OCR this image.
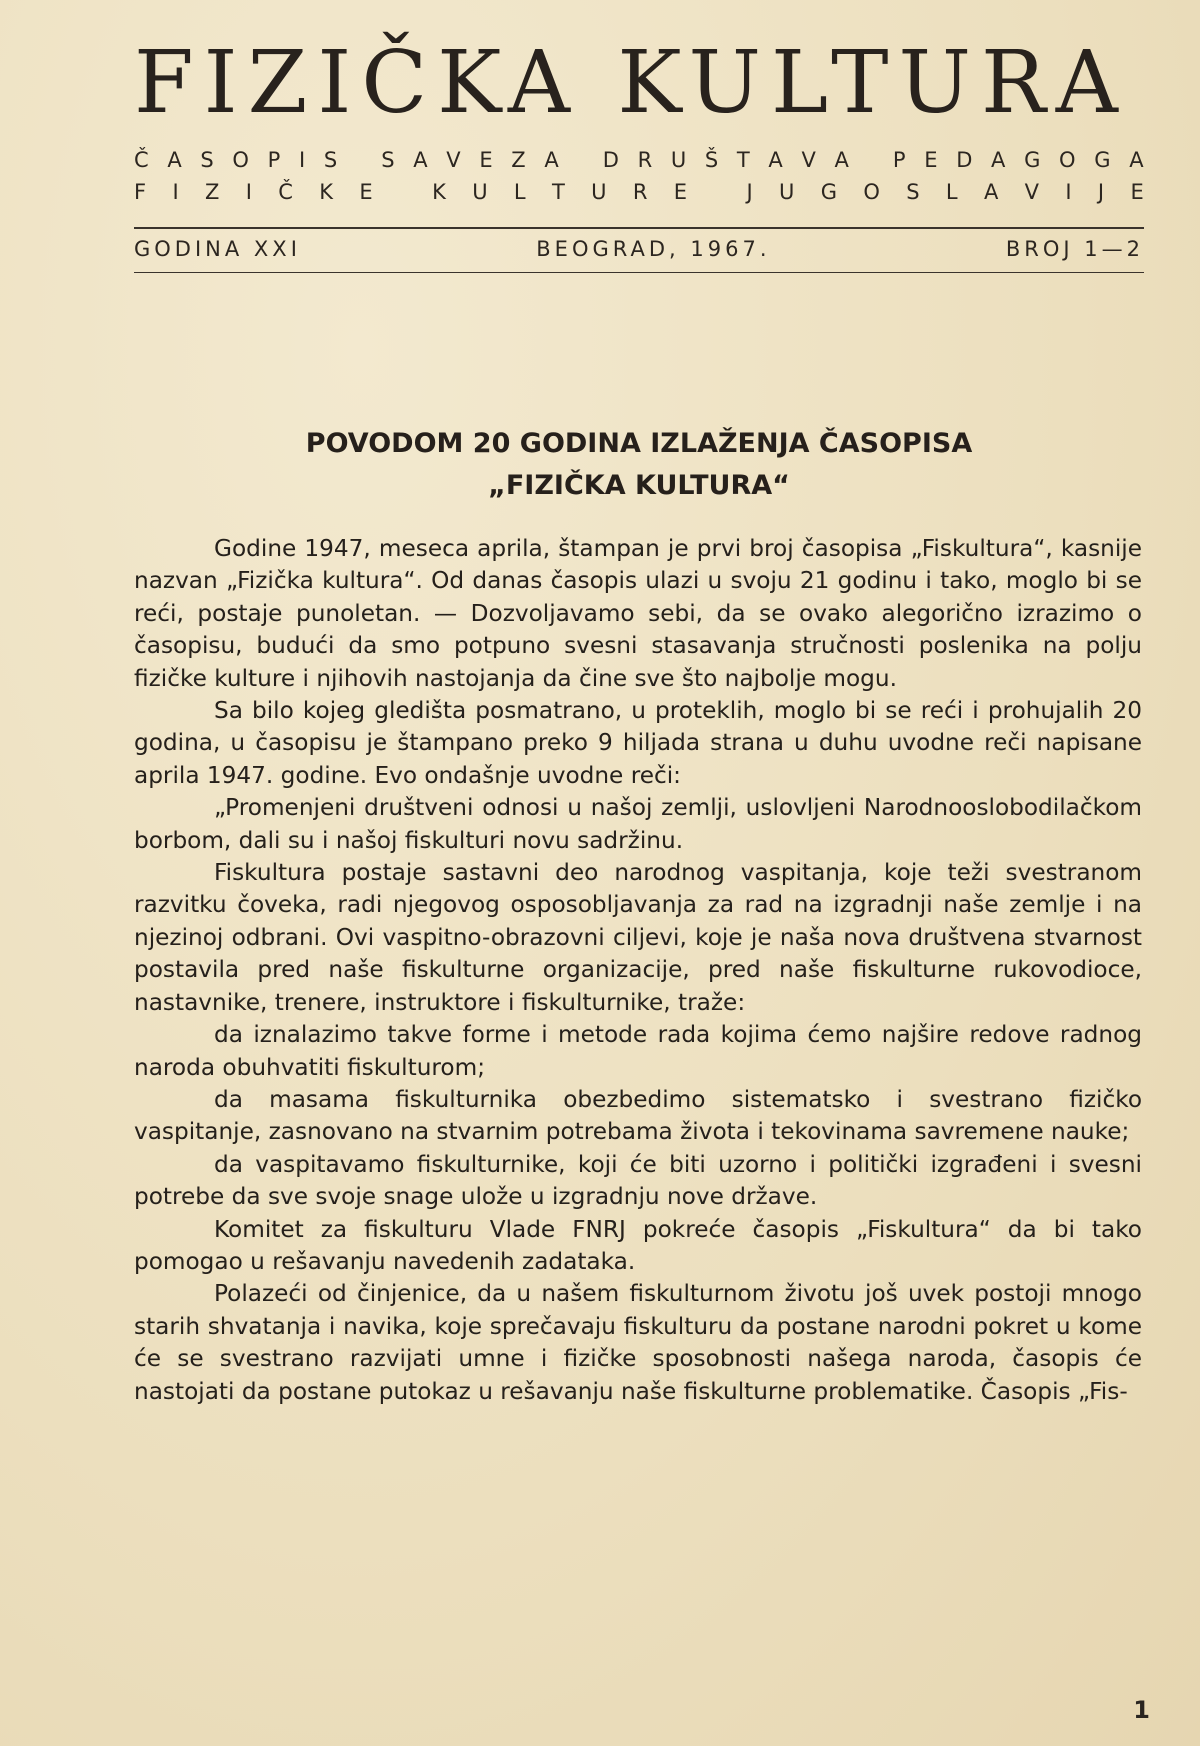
FIZIČKA KULTURA
Č A S O P I S
S A V E Z A
D R U Š T A V A
P E D A G O G A
F I Z I Č K E
	K U L T U R E
	J U G O S L A V I J E
GODINA XXI	BEOGRAD, 1967.	BROJ 1—2
POVODOM 20 GODINA IZLAŽENJA ČASOPISA
„FIZIČKA KULTURA“

Godine 1947, meseca aprila, štampan je prvi broj časopisa „Fiskultura“, kasnije nazvan „Fizička kultura“. Od danas časopis ulazi u svoju 21 godinu i tako, moglo bi se reći, postaje punoletan. — Dozvoljavamo sebi, da se ovako alegorično izrazimo o časopisu, budući da smo potpuno svesni stasavanja stručnosti poslenika na polju fizičke kulture i njihovih nastojanja da čine sve što najbolje mogu.

Sa bilo kojeg gledišta posmatrano, u proteklih, moglo bi se reći i prohujalih 20 godina, u časopisu je štampano preko 9 hiljada strana u duhu uvodne reči napisane aprila 1947. godine. Evo ondašnje uvodne reči:

„Promenjeni društveni odnosi u našoj zemlji, uslovljeni Narodnooslobodilačkom borbom, dali su i našoj fiskulturi novu sadržinu.

Fiskultura postaje sastavni deo narodnog vaspitanja, koje teži svestranom razvitku čoveka, radi njegovog osposobljavanja za rad na izgradnji naše zemlje i na njezinoj odbrani. Ovi vaspitno-obrazovni ciljevi, koje je naša nova društvena stvarnost postavila pred naše fiskulturne organizacije, pred naše fiskulturne rukovodioce, nastavnike, trenere, instruktore i fiskulturnike, traže:

da iznalazimo takve forme i metode rada kojima ćemo najšire redove radnog naroda obuhvatiti fiskulturom;

da masama fiskulturnika obezbedimo sistematsko i svestrano fizičko vaspitanje, zasnovano na stvarnim potrebama života i tekovinama savremene nauke;

da vaspitavamo fiskulturnike, koji će biti uzorno i politički izgrađeni i svesni potrebe da sve svoje snage ulože u izgradnju nove države.

Komitet za fiskulturu Vlade FNRJ pokreće časopis „Fiskultura“ da bi tako pomogao u rešavanju navedenih zadataka.

Polazeći od činjenice, da u našem fiskulturnom životu još uvek postoji mnogo starih shvatanja i navika, koje sprečavaju fiskulturu da postane narodni pokret u kome će se svestrano razvijati umne i fizičke sposobnosti našega naroda, časopis će nastojati da postane putokaz u rešavanju naše fiskulturne problematike. Časopis „Fis-

1
